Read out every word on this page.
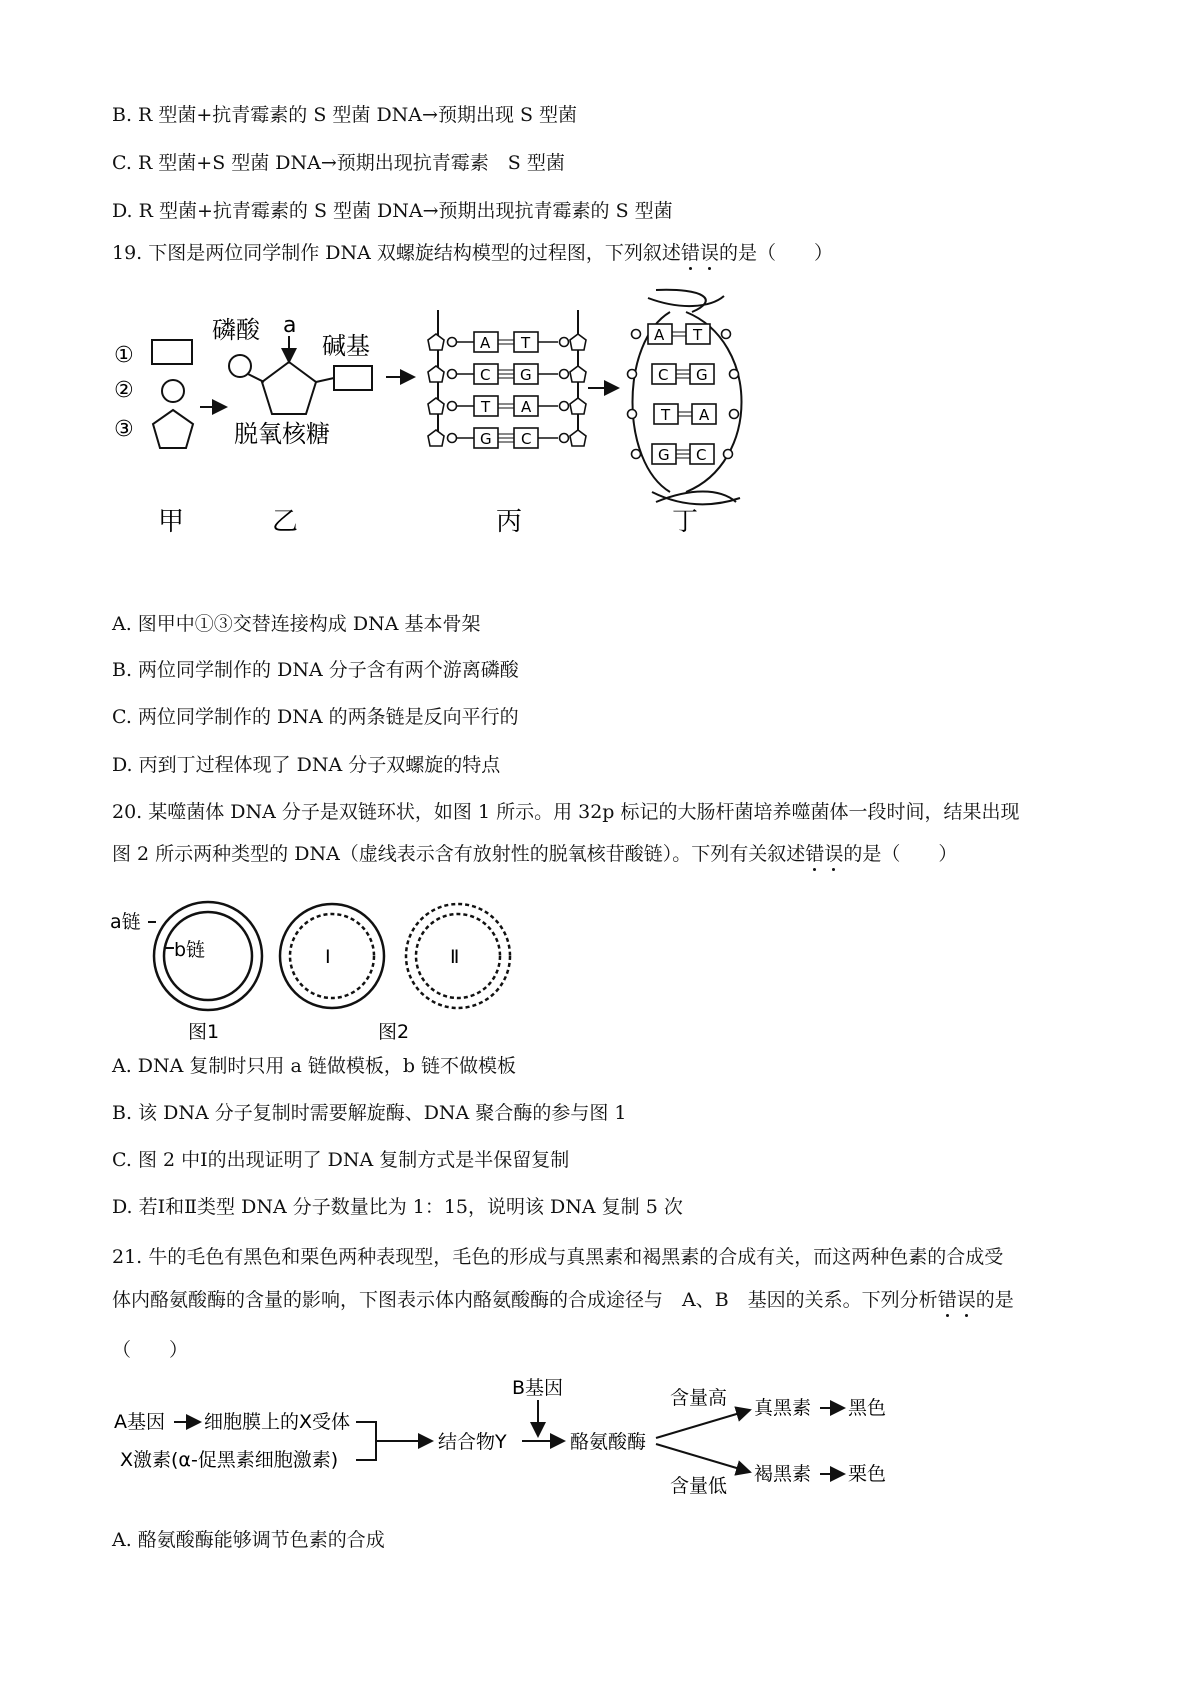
B. R 型菌+抗青霉素的 S 型菌 DNA→预期出现 S 型菌
C. R 型菌+S 型菌 DNA→预期出现抗青霉素　S 型菌
D. R 型菌+抗青霉素的 S 型菌 DNA→预期出现抗青霉素的 S 型菌
19. 下图是两位同学制作 DNA 双螺旋结构模型的过程图，下列叙述错误的是（　　）
①
②
③
甲
磷酸 a
碱基
脱氧核糖
乙
A T
C G
T A
G C
丙
A T
C G
T A
G C
丁
A. 图甲中①③交替连接构成 DNA 基本骨架
B. 两位同学制作的 DNA 分子含有两个游离磷酸
C. 两位同学制作的 DNA 的两条链是反向平行的
D. 丙到丁过程体现了 DNA 分子双螺旋的特点
20. 某噬菌体 DNA 分子是双链环状，如图 1 所示。用 32p 标记的大肠杆菌培养噬菌体一段时间，结果出现
图 2 所示两种类型的 DNA（虚线表示含有放射性的脱氧核苷酸链）。下列有关叙述错误的是（　　）
a链
b链
图1
Ⅰ	Ⅱ
图2
A. DNA 复制时只用 a 链做模板，b 链不做模板
B. 该 DNA 分子复制时需要解旋酶、DNA 聚合酶的参与图 1
C. 图 2 中Ⅰ的出现证明了 DNA 复制方式是半保留复制
D. 若Ⅰ和Ⅱ类型 DNA 分子数量比为 1：15，说明该 DNA 复制 5 次
21. 牛的毛色有黑色和栗色两种表现型，毛色的形成与真黑素和褐黑素的合成有关，而这两种色素的合成受
体内酪氨酸酶的含量的影响，下图表示体内酪氨酸酶的合成途径与　A、B　基因的关系。下列分析错误的是
（　　）
A基因 细胞膜上的X受体
X激素(α-促黑素细胞激素)
结合物Y
B基因
酪氨酸酶
含量高
含量低
真黑素 黑色
褐黑素 栗色
A. 酪氨酸酶能够调节色素的合成
